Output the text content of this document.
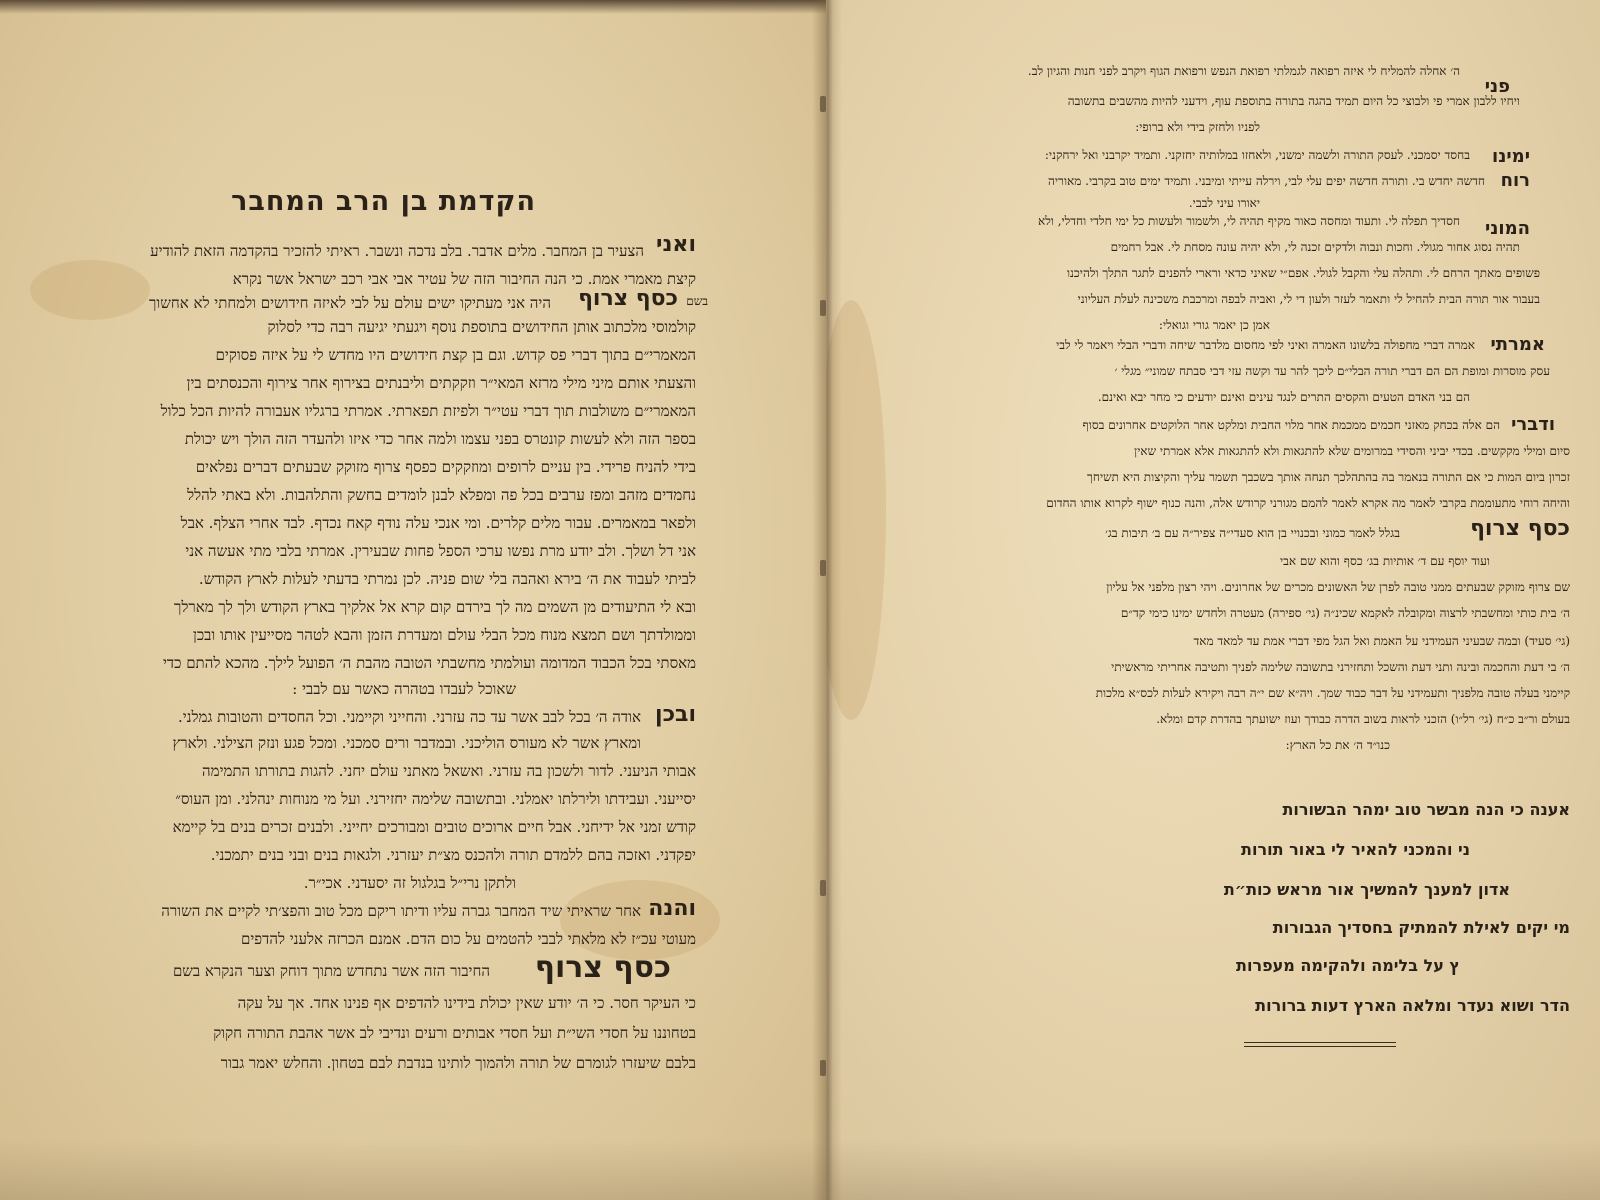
הקדמת בן הרב המחבר
ואני
הצעיר בן המחבר. מלים אדבר. בלב נדכה ונשבר. ראיתי להזכיר בהקדמה הזאת להודיע
קיצת מאמרי אמת. כי הנה החיבור הזה של עטיר אבי אבי רכב ישראל אשר נקרא
בשם
כסף צרוף
היה אני מעתיקו ישים עולם על לבי לאיזה חידושים ולמחתי לא אחשוך
קולמוסי מלכתוב אותן החידושים בתוספת נוסף ויגעתי יגיעה רבה כדי לסלוק
המאמרי״ם בתוך דברי פס קדוש. וגם בן קצת חידושים היו מחדש לי על איזה פסוקים
והצעתי אותם מיני מילי מרזא המאי״ר וזקקתים וליבנתים בצירוף אחר צירוף והכנסתים בין
המאמרי״ם משולבות תוך דברי עטי״ר ולפיזת תפארתי. אמרתי ברגליו אעבורה להיות הכל כלול
בספר הזה ולא לעשות קונטרס בפני עצמו ולמה אחר כדי איזו ולהעדר הזה הולך ויש יכולת
בידי להניח פרידי. בין עניים לרופים ומוזקקים כפסף צרוף מזוקק שבעתים דברים נפלאים
נחמדים מזהב ומפז ערבים בכל פה ומפלא לבנן לומדים בחשק והתלהבות. ולא באתי להלל
ולפאר במאמרים. עבור מלים קלרים. ומי אנכי עלה נודף קאח נכדף. לבד אחרי הצלף. אבל
אני דל ושלך. ולב יודע מרת נפשו ערכי הספל פחות שבעירין. אמרתי בלבי מתי אעשה אני
לביתי לעבוד את ה׳ בירא ואהבה בלי שום פניה. לכן נמרתי בדעתי לעלות לארץ הקודש.
ובא לי התיעודים מן השמים מה לך בירדם קום קרא אל אלקיך בארץ הקודש ולך לך מארלך
וממולדתך ושם תמצא מנוח מכל הבלי עולם ומעדרת הזמן והבא לטהר מסייעין אותו ובכן
מאסתי בכל הכבוד המדומה ועולמתי מחשבתי הטובה מהבת ה׳ הפועל לילך. מהכא להתם כדי
שאוכל לעבדו בטהרה כאשר עם לבבי :
ובכן
אודה ה׳ בכל לבב אשר עד כה עזרני. והחייני וקיימני. וכל החסדים והטובות גמלני.
ומארץ אשר לא מעורס הוליכני. ובמדבר ורים סמכני. ומכל פגע ונזק הצילני. ולארץ
אבותי הניעני. לדור ולשכון בה עזרני. ואשאל מאתני עולם יחני. להגות בתורתו התמימה
יסייעני. ועבידתו ולירלתו יאמלני. ובתשובה שלימה יחזירני. ועל מי מנוחות ינהלני. ומן העוס״
קודש זמני אל ידיחני. אבל חיים ארוכים טובים ומבורכים יחייני. ולבנים זכרים בנים בל קיימא
יפקדני. ואזכה בהם ללמדם תורה ולהכנס מצ״ת יעזרני. ולגאות בנים ובני בנים יתמכני.
ולתקן נרי״ל בגלגול זה יסעדני. אכי״ר.
והנה
אחר שראיתי שיד המחבר גברה עליו ודיתו ריקם מכל טוב והפצ׳תי לקיים את השורה
מעוטי עכ״ז לא מלאתי לבבי להטמים על כום הדם. אמנם הכרזה אלעני להדפים
החיבור הזה אשר נתחדש מתוך דוחק וצער הנקרא בשם כסף צרוף
כי העיקר חסר. כי ה׳ יודע שאין יכולת בידינו להדפים אף פנינו אחד. אך על עקה
בטחוננו על חסדי השי״ת ועל חסדי אבותים ורעים ונדיבי לב אשר אהבת התורה חקוק
בלבם שיעזרו לגומרם של תורה ולהמוך לותינו בנדבת לבם בטחון. והחלש יאמר גבור
פני
ה׳ אחלה להמליח לי איזה רפואה לגמלתי רפואת הנפש ורפואת הגוף ויקרב לפני חנות והגיון לב.
ויחיו ללבון אמרי פי ולבוצי כל היום תמיד בהגה בתורה בתוספת עוף, וידעני להיות מהשבים בתשובה
לפניו ולחזק בידי ולא ברופי:
ימינו
בחסד יסמכני. לעסק התורה ולשמה ימשני, ולאחזו במלותיה יחזקני. ותמיד יקרבני ואל ירחקני:
רוח
חדשה יחדש בי. ותורה חדשה יפים עלי לבי, וירלה עייתי ומיבני. ותמיד ימים טוב בקרבי. מאוריה
יאורו עיני לבבי.
המוני
חסדיך תפלה לי. ותעוד ומחסה כאור מקיף תהיה לי, ולשמור ולעשות כל ימי חלדי וחדלי, ולא
תהיה נסוג אחור מגולי. וחכות ונבוה ולדקים זכנה לי, ולא יהיה עונה מסחת לי. אבל רחמים
פשופים מאתך הרחם לי. ותהלה עלי והקבל לגולי. אפם״י שאיני כדאי ורארי להפנים לתגר התלך ולהיכנו
בעבור אור תורה הבית להחיל לי ותאמר לעזר ולעון די לי, ואביה לבפה ומרכבת משכינה לעלת העליוני
אמן כן יאמר גורי וגואלי:
אמרתי
אמרה דברי מחפולה בלשונו האמרה ואיני לפי מחסום מלדבר שיחה ודברי הבלי ויאמר לי לבי
עסק מוסרות ומופת הם הם דברי תורה הבלי״ם ליכך להר עד וקשה עזי דבי סבתח שמוני״ מגלי ׳
הם בני האדם הטעים והקסים התרים לנגד עינים ואינם יודעים כי מחר יבא ואינם.
ודברי
הם אלה בכחק מאזני חכמים ממכמת אחר מלוי החבית ומלקט אחר הלוקטים אחרונים בסוף
סיום ומילי מקקשים. בכדי יביני והסידי במרומים שלא להתגאות ולא להתגאות אלא אמרתי שאין
זכרון ביום המות כי אם התורה בנאמר בה בהתהלכך תנחה אותך בשכבך תשמר עליך והקיצות היא תשיחך
והיחה רוחי מתעוממת בקרבי לאמר מה אקרא לאמר להמם מגורני קרודש אלה, והנה כנוף ישוף לקרוא אותו החדום
בגלל לאמר כמוני ובכנויי בן הוא סעדי״ה צפיר״ה עם ב׳ תיבות בג׳	כסף צרוף
ועוד יוסף עם ד׳ אותיות בג׳ כסף והוא שם אבי
שם צרוף מזוקק שבעתים ממני טובה לפרן של האשונים מכרים של אחרונים. ויהי רצון מלפני אל עליון
ה׳ בית כותי ומחשבתי לרצוה ומקובלה לאקמא שכינ״ה (גי׳ ספירה) מעטרה ולחדש ימינו כימי קד״ם
(גי׳ סעיד) ובמה שבעיני העמידני על האמת ואל הגל מפי דברי אמת עד למאד מאד
ה׳ בי דעת והחכמה ובינה ותני דעת והשכל ותחזירני בתשובה שלימה לפניך ותטיבה אחריתי מראשיתי
קיימני בעלה טובה מלפניך ותעמידני על דבר כבוד שמך. ויה״א שם י״ה רבה ויקירא לעלות לכס״א מלכות
בעולם ור״ב כ״ח (גי׳ רל״ו) הזכני לראות בשוב הדרה כבודך ועוז ישועתך בהדרת קדם ומלא.
כנו״ד ה׳ את כל הארץ:
אענה כי הנה מבשר טוב ימהר הבשורות
ני והמכני להאיר לי באור תורות
אדון למענך להמשיך אור מראש כות״ת
מי יקים לאילת להמתיק בחסדיך הגבורות
ץ על בלימה ולהקימה מעפרות
הדר ושוא נעדר ומלאה הארץ דעות ברורות
